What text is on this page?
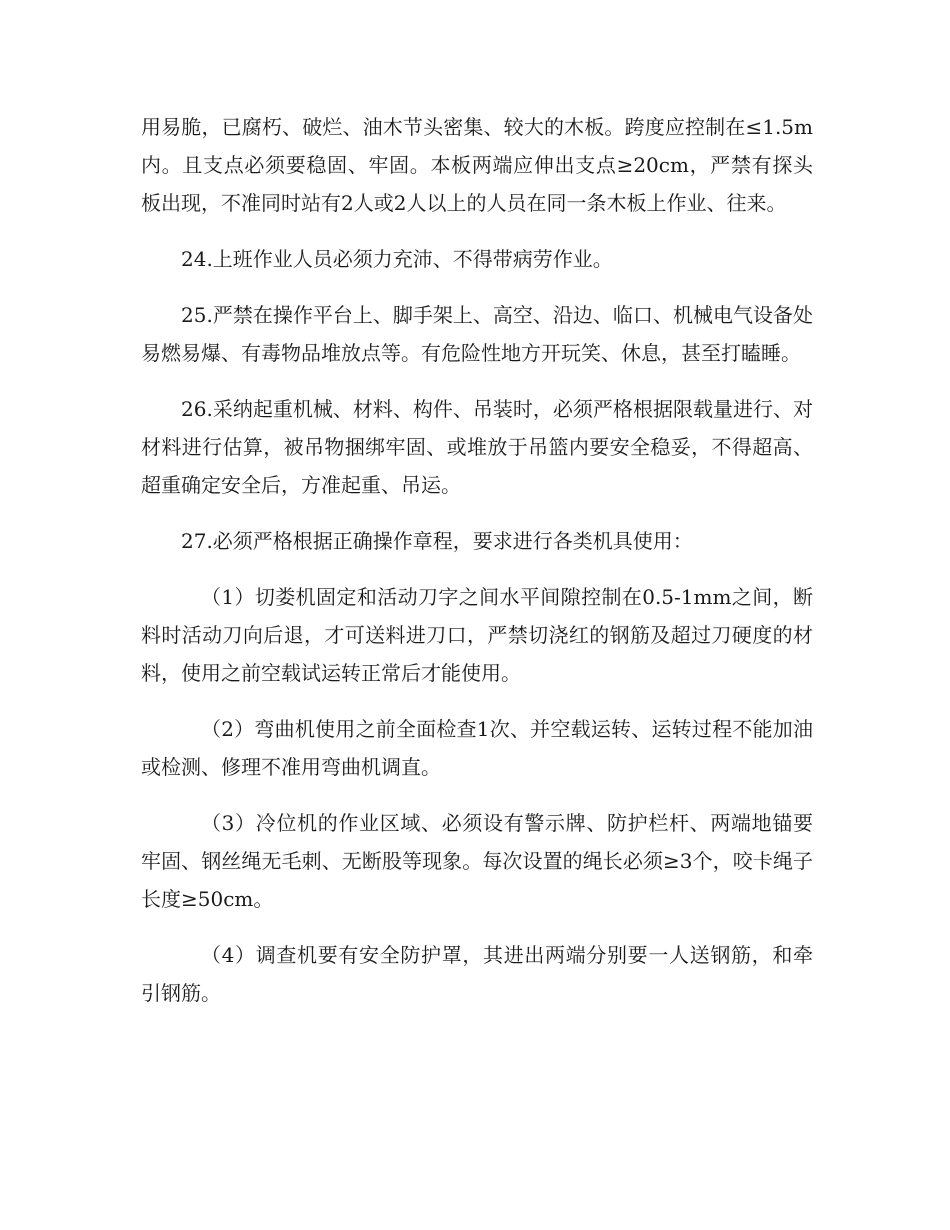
用易脆，已腐朽、破烂、油木节头密集、较大的木板。跨度应控制在≤1.5m内。且支点必须要稳固、牢固。本板两端应伸出支点≥20cm，严禁有探头板出现，不准同时站有2人或2人以上的人员在同一条木板上作业、往来。

24.上班作业人员必须力充沛、不得带病劳作业。

25.严禁在操作平台上、脚手架上、高空、沿边、临口、机械电气设备处易燃易爆、有毒物品堆放点等。有危险性地方开玩笑、休息，甚至打瞌睡。

26.采纳起重机械、材料、构件、吊装时，必须严格根据限载量进行、对材料进行估算，被吊物捆绑牢固、或堆放于吊篮内要安全稳妥，不得超高、超重确定安全后，方准起重、吊运。

27.必须严格根据正确操作章程，要求进行各类机具使用：

（1）切娄机固定和活动刀字之间水平间隙控制在0.5-1mm之间，断料时活动刀向后退，才可送料进刀口，严禁切浇红的钢筋及超过刀硬度的材料，使用之前空载试运转正常后才能使用。

（2）弯曲机使用之前全面检查1次、并空载运转、运转过程不能加油或检测、修理不准用弯曲机调直。

（3）冷位机的作业区域、必须设有警示牌、防护栏杆、两端地锚要牢固、钢丝绳无毛刺、无断股等现象。每次设置的绳长必须≥3个，咬卡绳子长度≥50cm。

（4）调查机要有安全防护罩，其进出两端分别要一人送钢筋，和牵引钢筋。
